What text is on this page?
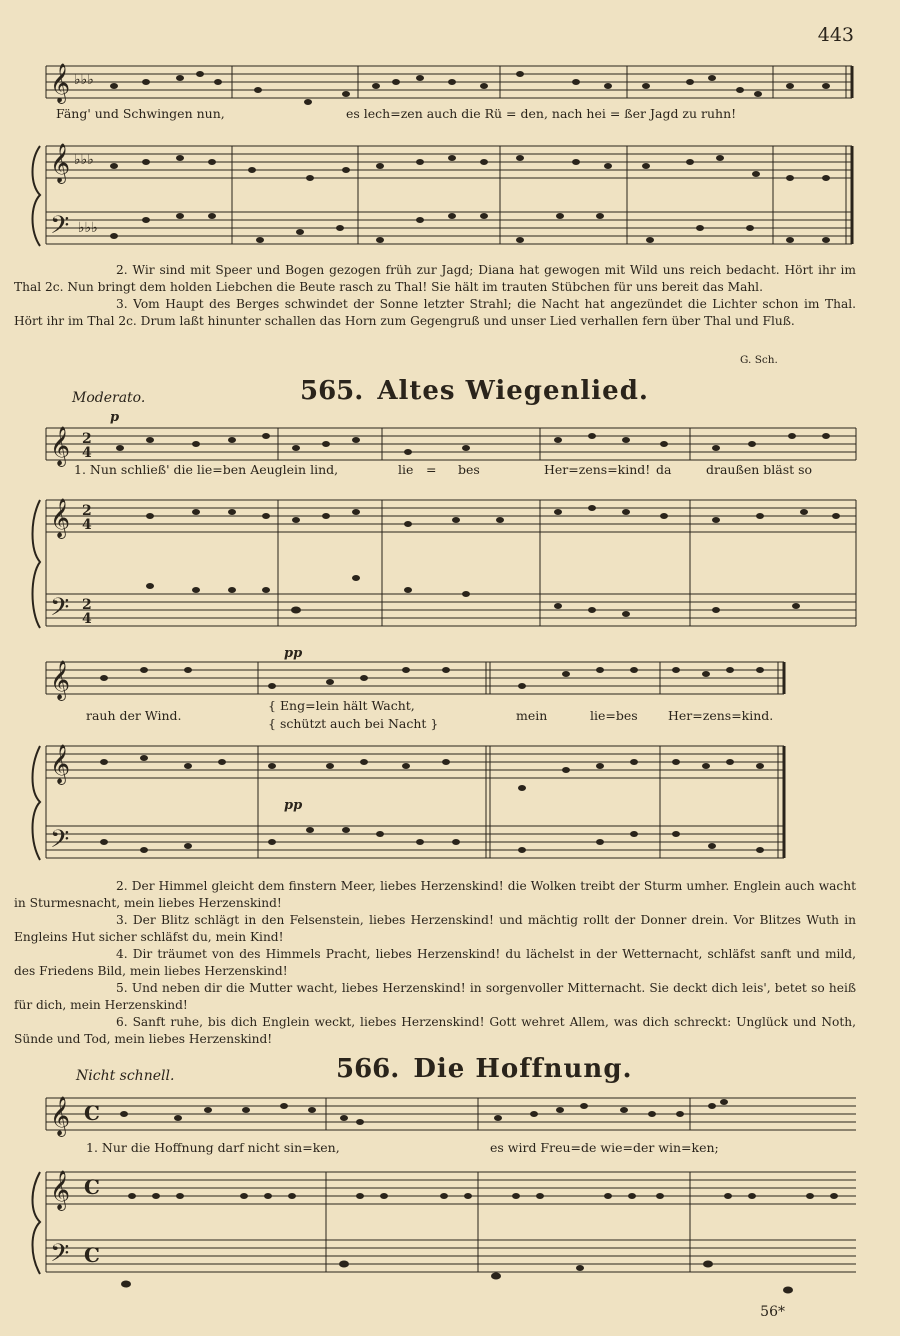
443
𝄞
𝄞
𝄢
♭♭♭
♭♭♭
♭♭♭
Fäng' und Schwingen nun,	es lech=zen auch die Rü = den, nach hei = ßer Jagd zu ruhn!

2. Wir sind mit Speer und Bogen gezogen früh zur Jagd; Diana hat gewogen mit Wild uns reich bedacht. Hört ihr im Thal 2c. Nun bringt dem holden Liebchen die Beute rasch zu Thal! Sie hält im trauten Stübchen für uns bereit das Mahl.

3. Vom Haupt des Berges schwindet der Sonne letzter Strahl; die Nacht hat angezündet die Lichter schon im Thal. Hört ihr im Thal 2c. Drum laßt hinunter schallen das Horn zum Gegengruß und unser Lied verhallen fern über Thal und Fluß.

G. Sch.
Moderato.	565. Altes Wiegenlied.
p
𝄞
𝄞
𝄢
2
4
2
4
2
4
1. Nun schließ' die lie=ben Aeuglein lind,	lie = bes	Her=zens=kind! da	draußen bläst so
𝄞
𝄞
𝄢
pp
pp
rauh der Wind.
{ Eng=lein hält Wacht,
{ schützt auch bei Nacht }
mein	lie=bes Her=zens=kind.

2. Der Himmel gleicht dem finstern Meer, liebes Herzenskind! die Wolken treibt der Sturm umher. Englein auch wacht in Sturmesnacht, mein liebes Herzenskind!

3. Der Blitz schlägt in den Felsenstein, liebes Herzenskind! und mächtig rollt der Donner drein. Vor Blitzes Wuth in Engleins Hut sicher schläfst du, mein Kind!

4. Dir träumet von des Himmels Pracht, liebes Herzenskind! du lächelst in der Wetternacht, schläfst sanft und mild, des Friedens Bild, mein liebes Herzenskind!

5. Und neben dir die Mutter wacht, liebes Herzenskind! in sorgenvoller Mitternacht. Sie deckt dich leis', betet so heiß für dich, mein Herzenskind!

6. Sanft ruhe, bis dich Englein weckt, liebes Herzenskind! Gott wehret Allem, was dich schreckt: Unglück und Noth, Sünde und Tod, mein liebes Herzenskind!

Nicht schnell.	566. Die Hoffnung.
𝄞
𝄞
𝄢
C
C
C
1. Nur die Hoffnung darf nicht sin=ken,	es wird Freu=de wie=der win=ken;
56*
